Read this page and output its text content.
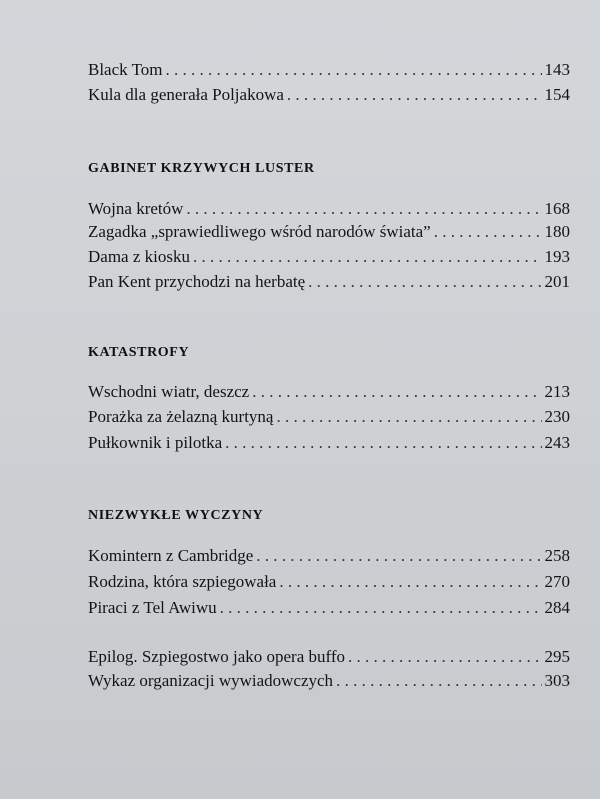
Black Tom . . .	143
Kula dla generała Poljakowa . . .	154
GABINET KRZYWYCH LUSTER
Wojna kretów . . .	168
Zagadka „sprawiedliwego wśród narodów świata” . . .	180
Dama z kiosku . . .	193
Pan Kent przychodzi na herbatę . . .	201
KATASTROFY
Wschodni wiatr, deszcz . . .	213
Porażka za żelazną kurtyną . . .	230
Pułkownik i pilotka . . .	243
NIEZWYKŁE WYCZYNY
Komintern z Cambridge . . .	258
Rodzina, która szpiegowała . . .	270
Piraci z Tel Awiwu . . .	284
Epilog. Szpiegostwo jako opera buffo . . .	295
Wykaz organizacji wywiadowczych . . .	303
